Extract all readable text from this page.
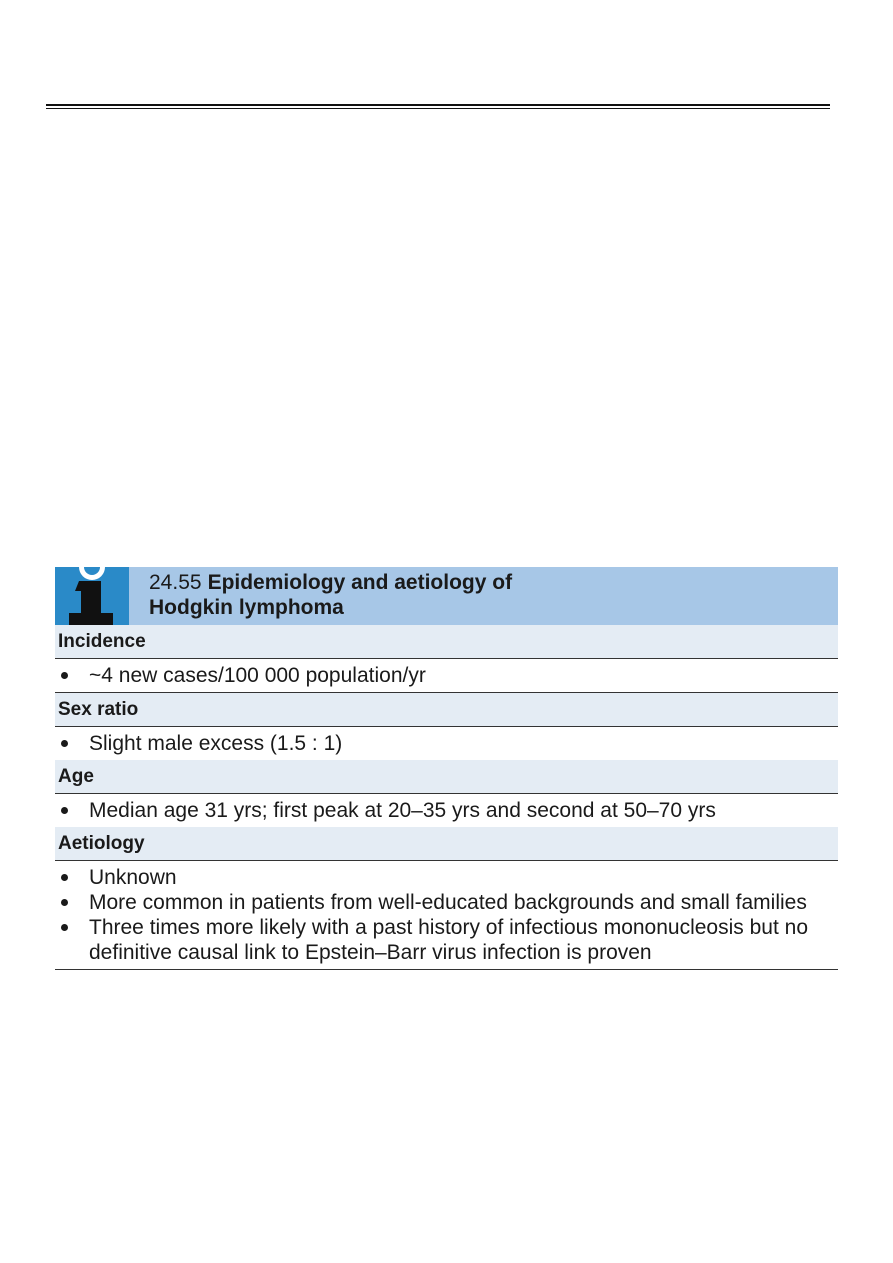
24.55 Epidemiology and aetiology of
Hodgkin lymphoma
Incidence
~4 new cases/100 000 population/yr
Sex ratio
Slight male excess (1.5 : 1)
Age
Median age 31 yrs; first peak at 20–35 yrs and second at 50–70 yrs
Aetiology
Unknown
More common in patients from well-educated backgrounds and small families
Three times more likely with a past history of infectious mononucleosis but no definitive causal link to Epstein–Barr virus infection is proven
